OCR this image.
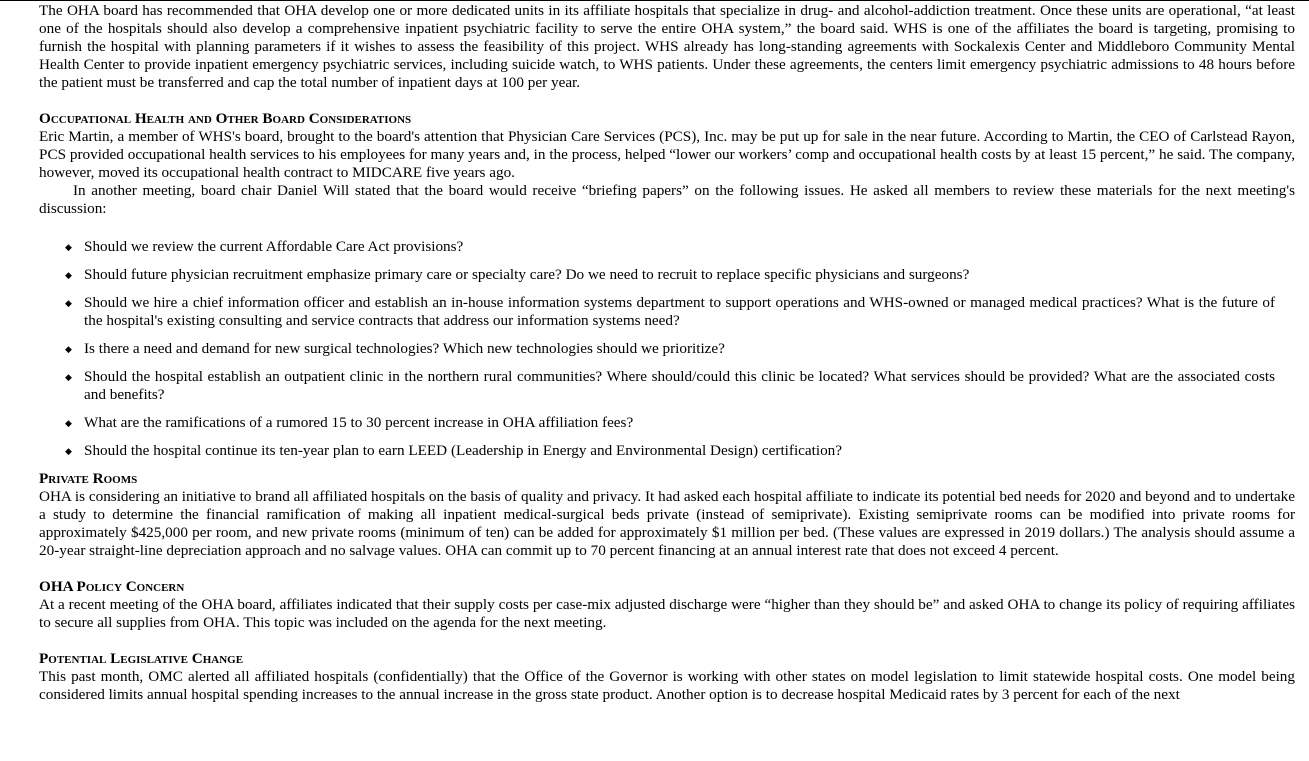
The OHA board has recommended that OHA develop one or more dedicated units in its affiliate hospitals that specialize in drug- and alcohol-addiction treatment. Once these units are operational, “at least one of the hospitals should also develop a comprehensive inpatient psychiatric facility to serve the entire OHA system,” the board said. WHS is one of the affiliates the board is targeting, promising to furnish the hospital with planning parameters if it wishes to assess the feasibility of this project. WHS already has long-standing agreements with Sockalexis Center and Middleboro Community Mental Health Center to provide inpatient emergency psychiatric services, including suicide watch, to WHS patients. Under these agreements, the centers limit emergency psychiatric admissions to 48 hours before the patient must be transferred and cap the total number of inpatient days at 100 per year.

Occupational Health and Other Board Considerations

Eric Martin, a member of WHS's board, brought to the board's attention that Physician Care Services (PCS), Inc. may be put up for sale in the near future. According to Martin, the CEO of Carlstead Rayon, PCS provided occupational health services to his employees for many years and, in the process, helped “lower our workers’ comp and occupational health costs by at least 15 percent,” he said. The company, however, moved its occupational health contract to MIDCARE five years ago.

In another meeting, board chair Daniel Will stated that the board would receive “briefing papers” on the following issues. He asked all members to review these materials for the next meeting's discussion:

◆ Should we review the current Affordable Care Act provisions?
◆ Should future physician recruitment emphasize primary care or specialty care? Do we need to recruit to replace specific physicians and surgeons?
◆ Should we hire a chief information officer and establish an in-house information systems department to support operations and WHS-owned or managed medical practices? What is the future of the hospital's existing consulting and service contracts that address our information systems need?
◆ Is there a need and demand for new surgical technologies? Which new technologies should we prioritize?
◆ Should the hospital establish an outpatient clinic in the northern rural communities? Where should/could this clinic be located? What services should be provided? What are the associated costs and benefits?
◆ What are the ramifications of a rumored 15 to 30 percent increase in OHA affiliation fees?
◆ Should the hospital continue its ten-year plan to earn LEED (Leadership in Energy and Environmental Design) certification?
Private Rooms

OHA is considering an initiative to brand all affiliated hospitals on the basis of quality and privacy. It had asked each hospital affiliate to indicate its potential bed needs for 2020 and beyond and to undertake a study to determine the financial ramification of making all inpatient medical-surgical beds private (instead of semiprivate). Existing semiprivate rooms can be modified into private rooms for approximately $425,000 per room, and new private rooms (minimum of ten) can be added for approximately $1 million per bed. (These values are expressed in 2019 dollars.) The analysis should assume a 20-year straight-line depreciation approach and no salvage values. OHA can commit up to 70 percent financing at an annual interest rate that does not exceed 4 percent.

OHA Policy Concern

At a recent meeting of the OHA board, affiliates indicated that their supply costs per case-mix adjusted discharge were “higher than they should be” and asked OHA to change its policy of requiring affiliates to secure all supplies from OHA. This topic was included on the agenda for the next meeting.

Potential Legislative Change

This past month, OMC alerted all affiliated hospitals (confidentially) that the Office of the Governor is working with other states on model legislation to limit statewide hospital costs. One model being considered limits annual hospital spending increases to the annual increase in the gross state product. Another option is to decrease hospital Medicaid rates by 3 percent for each of the next
